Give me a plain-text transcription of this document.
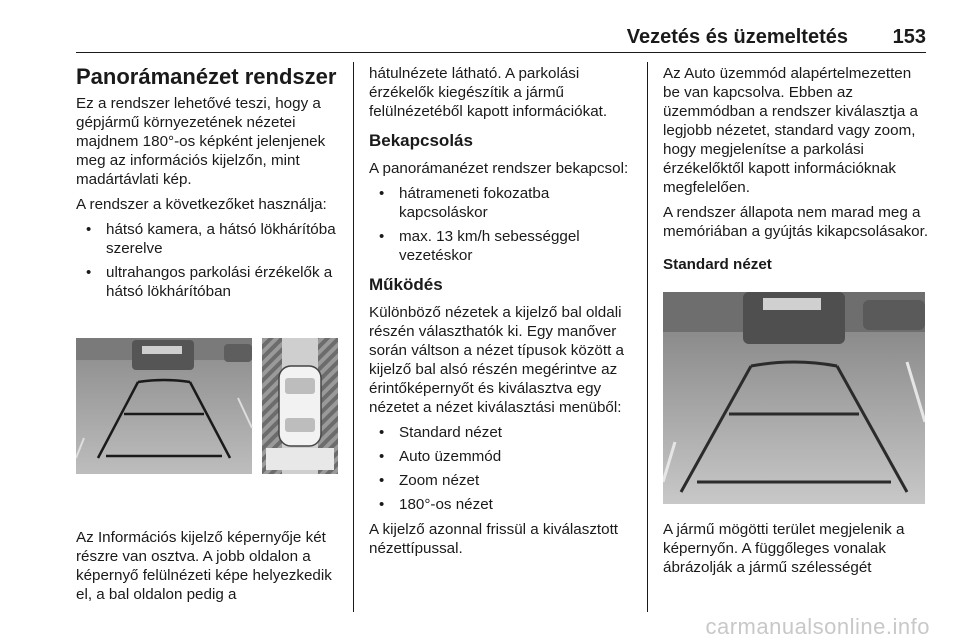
Vezetés és üzemeltetés 153
Panorámanézet rendszer

Ez a rendszer lehetővé teszi, hogy a gépjármű környezetének nézetei majdnem 180°-os képként jelenjenek meg az információs kijelzőn, mint madártávlati kép.

A rendszer a következőket használja:

• hátsó kamera, a hátsó lökhárítóba szerelve
• ultrahangos parkolási érzékelők a hátsó lökhárítóban

Az Információs kijelző képernyője két részre van osztva. A jobb oldalon a képernyő felülnézeti képe helyezkedik el, a bal oldalon pedig a

hátulnézete látható. A parkolási érzékelők kiegészítik a jármű felülnézetéből kapott információkat.

Bekapcsolás

A panorámanézet rendszer bekapcsol:

• hátrameneti fokozatba kapcsoláskor
• max. 13 km/h sebességgel vezetéskor
Működés

Különböző nézetek a kijelző bal oldali részén választhatók ki. Egy manőver során váltson a nézet típusok között a kijelző bal alsó részén megérintve az érintőképernyőt és kiválasztva egy nézetet a nézet kiválasztási menüből:

• Standard nézet
• Auto üzemmód
• Zoom nézet
• 180°-os nézet

A kijelző azonnal frissül a kiválasztott nézettípussal.

Az Auto üzemmód alapértelmezetten be van kapcsolva. Ebben az üzemmódban a rendszer kiválasztja a legjobb nézetet, standard vagy zoom, hogy megjelenítse a parkolási érzékelőktől kapott információknak megfelelően.

A rendszer állapota nem marad meg a memóriában a gyújtás kikapcsolásakor.

Standard nézet

A jármű mögötti terület megjelenik a képernyőn. A függőleges vonalak ábrázolják a jármű szélességét

carmanualsonline.info
